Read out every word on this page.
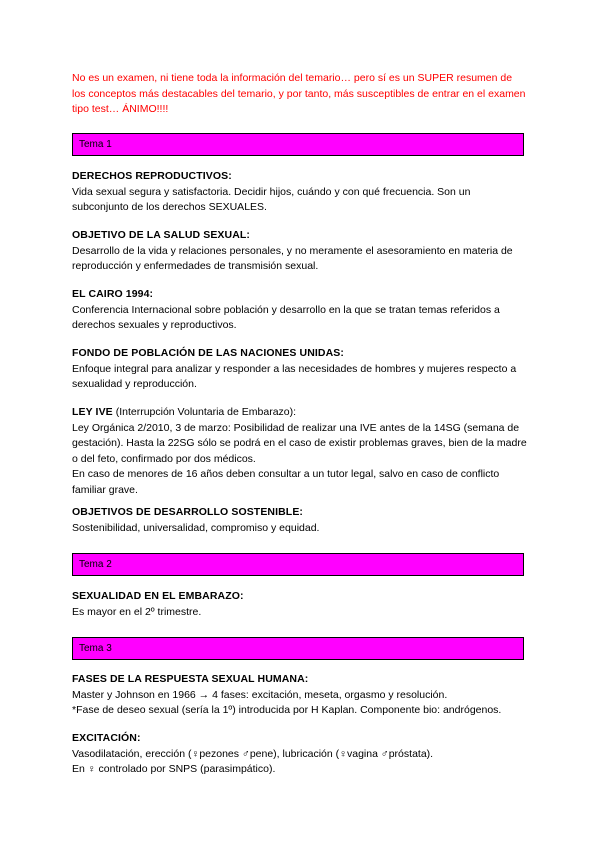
No es un examen, ni tiene toda la información del temario… pero sí es un SUPER resumen de los conceptos más destacables del temario, y por tanto, más susceptibles de entrar en el examen tipo test… ÁNIMO!!!!
Tema 1
DERECHOS REPRODUCTIVOS:

Vida sexual segura y satisfactoria. Decidir hijos, cuándo y con qué frecuencia. Son un subconjunto de los derechos SEXUALES.

OBJETIVO DE LA SALUD SEXUAL:

Desarrollo de la vida y relaciones personales, y no meramente el asesoramiento en materia de reproducción y enfermedades de transmisión sexual.

EL CAIRO 1994:

Conferencia Internacional sobre población y desarrollo en la que se tratan temas referidos a derechos sexuales y reproductivos.

FONDO DE POBLACIÓN DE LAS NACIONES UNIDAS:

Enfoque integral para analizar y responder a las necesidades de hombres y mujeres respecto a sexualidad y reproducción.

LEY IVE (Interrupción Voluntaria de Embarazo):

Ley Orgánica 2/2010, 3 de marzo: Posibilidad de realizar una IVE antes de la 14SG (semana de gestación). Hasta la 22SG sólo se podrá en el caso de existir problemas graves, bien de la madre o del feto, confirmado por dos médicos.

En caso de menores de 16 años deben consultar a un tutor legal, salvo en caso de conflicto familiar grave.

OBJETIVOS DE DESARROLLO SOSTENIBLE:

Sostenibilidad, universalidad, compromiso y equidad.

Tema 2
SEXUALIDAD EN EL EMBARAZO:

Es mayor en el 2º trimestre.

Tema 3
FASES DE LA RESPUESTA SEXUAL HUMANA:

Master y Johnson en 1966 → 4 fases: excitación, meseta, orgasmo y resolución.

*Fase de deseo sexual (sería la 1º) introducida por H Kaplan. Componente bio: andrógenos.

EXCITACIÓN:

Vasodilatación, erección (♀pezones ♂pene), lubricación (♀vagina ♂próstata).

En ♀ controlado por SNPS (parasimpático).
